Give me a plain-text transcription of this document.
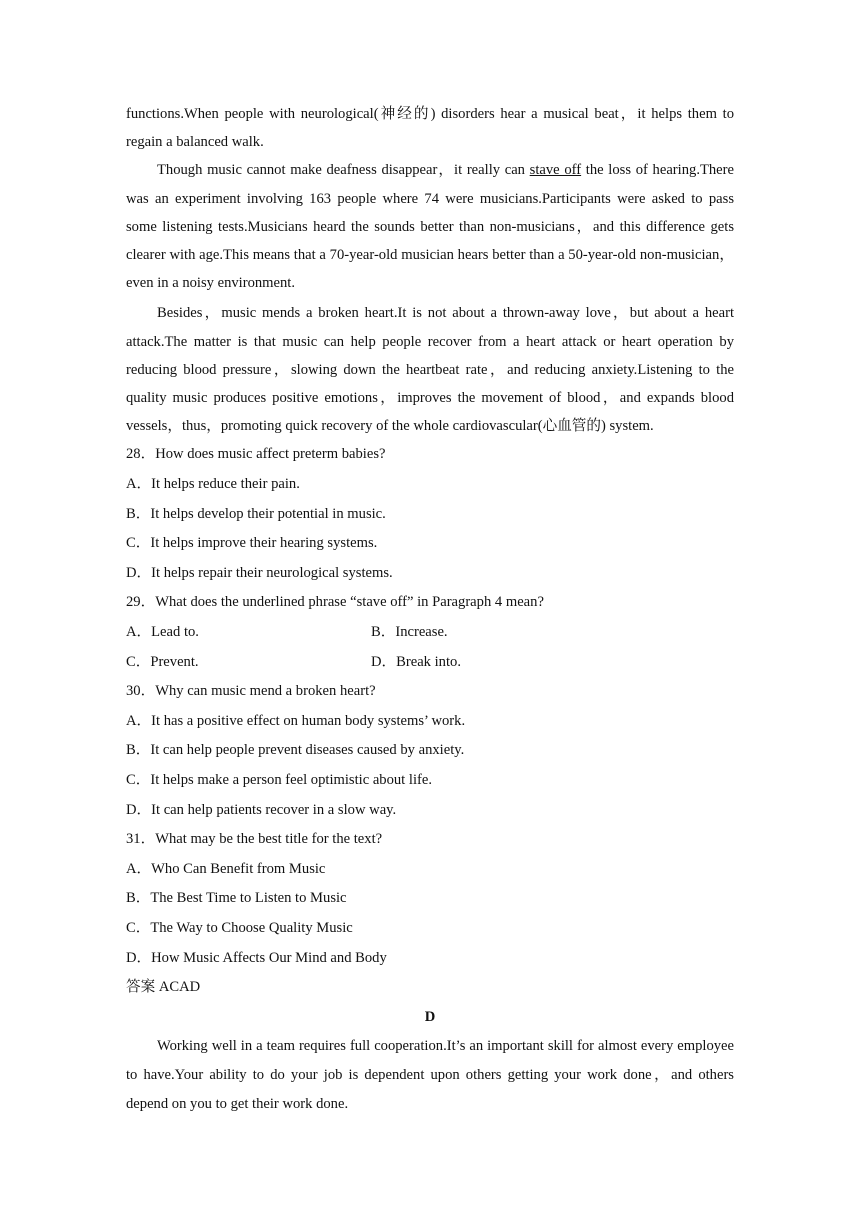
functions.When people with neurological(神经的) disorders hear a musical beat，it helps them to regain a balanced walk.

Though music cannot make deafness disappear，it really can stave off the loss of hearing.There was an experiment involving 163 people where 74 were musicians.Participants were asked to pass some listening tests.Musicians heard the sounds better than non-musicians，and this difference gets clearer with age.This means that a 70-year-old musician hears better than a 50-year-old non-musician，even in a noisy environment.

Besides，music mends a broken heart.It is not about a thrown-away love，but about a heart attack.The matter is that music can help people recover from a heart attack or heart operation by reducing blood pressure，slowing down the heartbeat rate，and reducing anxiety.Listening to the quality music produces positive emotions，improves the movement of blood，and expands blood vessels，thus，promoting quick recovery of the whole cardiovascular(心血管的) system.

28．How does music affect preterm babies?

A．It helps reduce their pain.

B．It helps develop their potential in music.

C．It helps improve their hearing systems.

D．It helps repair their neurological systems.

29．What does the underlined phrase “stave off” in Paragraph 4 mean?

A．Lead to.	B．Increase.
C．Prevent.	D．Break into.

30．Why can music mend a broken heart?

A．It has a positive effect on human body systems’ work.

B．It can help people prevent diseases caused by anxiety.

C．It helps make a person feel optimistic about life.

D．It can help patients recover in a slow way.

31．What may be the best title for the text?

A．Who Can Benefit from Music

B．The Best Time to Listen to Music

C．The Way to Choose Quality Music

D．How Music Affects Our Mind and Body

答案 ACAD

D

Working well in a team requires full cooperation.It’s an important skill for almost every employee to have.Your ability to do your job is dependent upon others getting your work done，and others depend on you to get their work done.
